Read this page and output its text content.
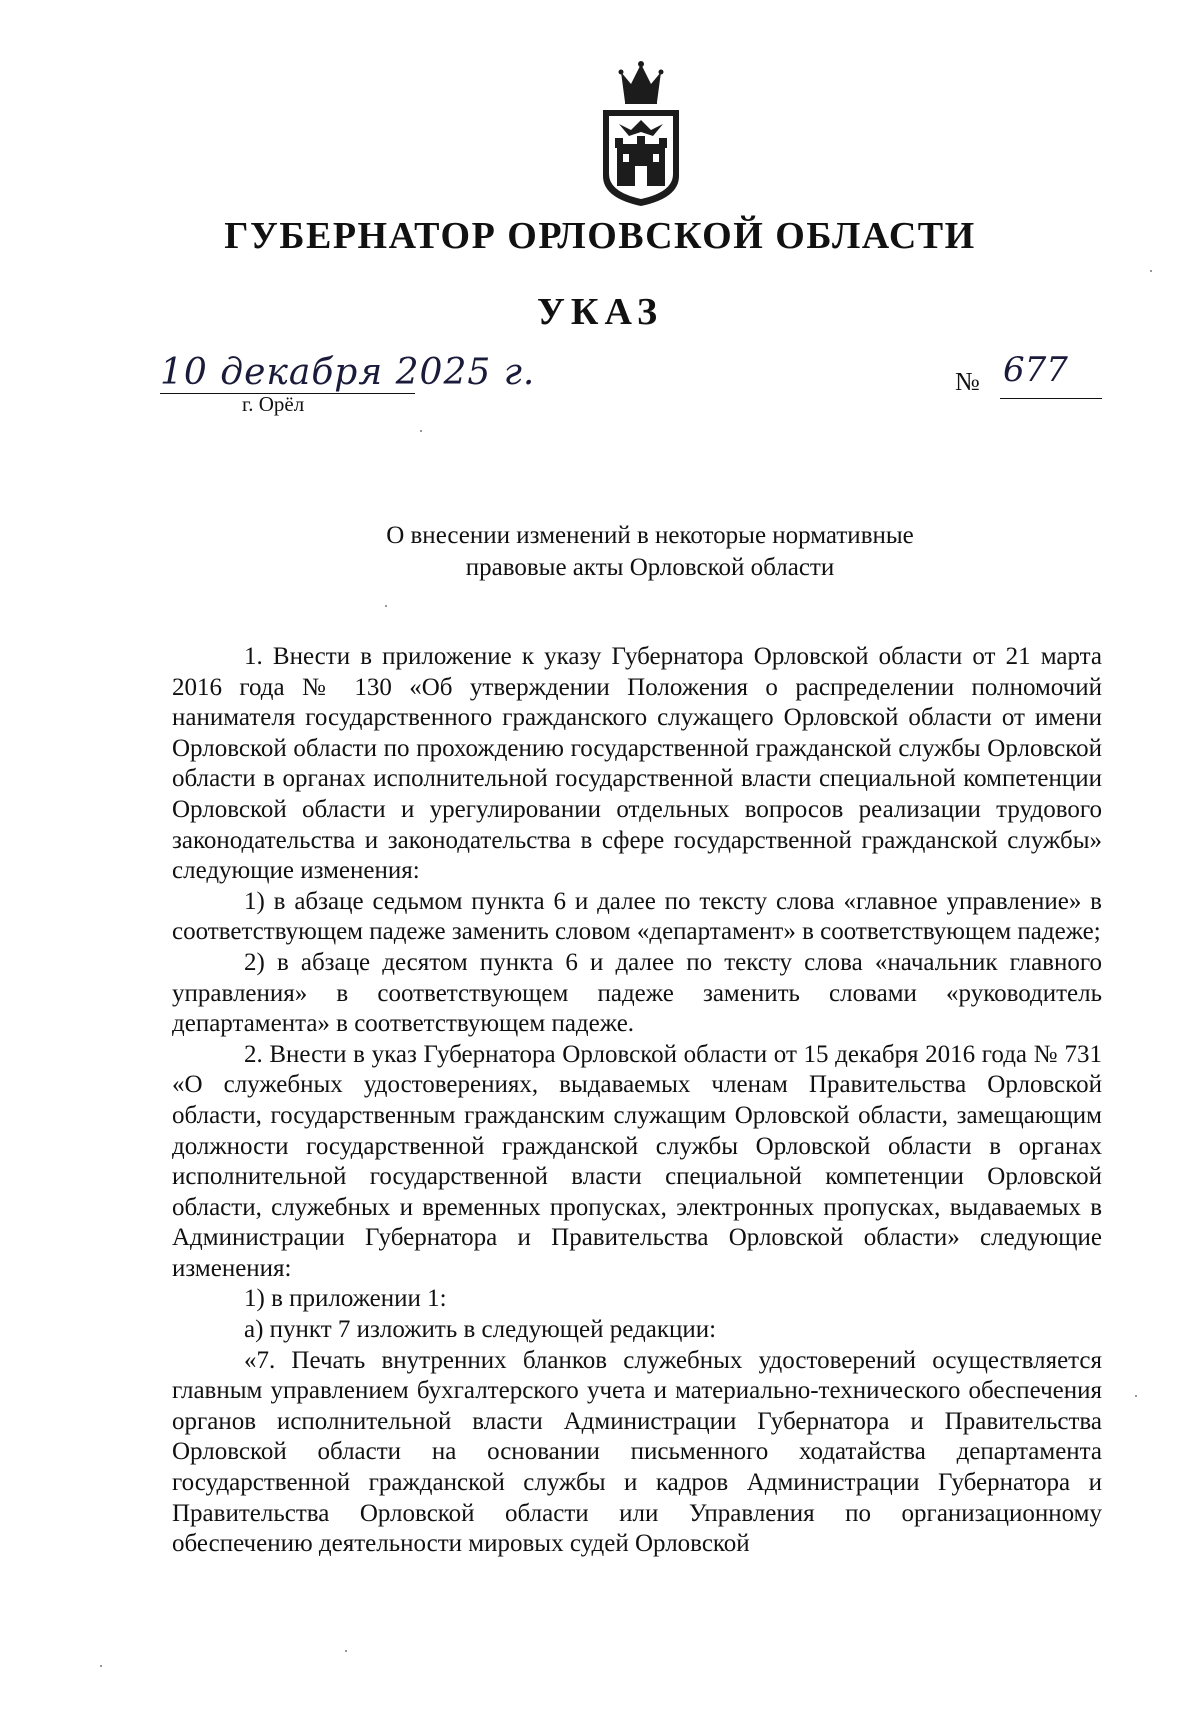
ГУБЕРНАТОР ОРЛОВСКОЙ ОБЛАСТИ
УКАЗ
10 декабря 2025 г.
г. Орёл
№ 677
О внесении изменений в некоторые нормативные
правовые акты Орловской области

1. Внести в приложение к указу Губернатора Орловской области от 21 марта 2016 года № 130 «Об утверждении Положения о распределении полномочий нанимателя государственного гражданского служащего Орловской области от имени Орловской области по прохождению государственной гражданской службы Орловской области в органах исполнительной государственной власти специальной компетенции Орловской области и урегулировании отдельных вопросов реализации трудового законодательства и законодательства в сфере государственной гражданской службы» следующие изменения:

1) в абзаце седьмом пункта 6 и далее по тексту слова «главное управление» в соответствующем падеже заменить словом «департамент» в соответствующем падеже;

2) в абзаце десятом пункта 6 и далее по тексту слова «начальник главного управления» в соответствующем падеже заменить словами «руководитель департамента» в соответствующем падеже.

2. Внести в указ Губернатора Орловской области от 15 декабря 2016 года № 731 «О служебных удостоверениях, выдаваемых членам Правительства Орловской области, государственным гражданским служащим Орловской области, замещающим должности государственной гражданской службы Орловской области в органах исполнительной государственной власти специальной компетенции Орловской области, служебных и временных пропусках, электронных пропусках, выдаваемых в Администрации Губернатора и Правительства Орловской области» следующие изменения:

1) в приложении 1:

а) пункт 7 изложить в следующей редакции:

«7. Печать внутренних бланков служебных удостоверений осуществляется главным управлением бухгалтерского учета и материально-технического обеспечения органов исполнительной власти Администрации Губернатора и Правительства Орловской области на основании письменного ходатайства департамента государственной гражданской службы и кадров Администрации Губернатора и Правительства Орловской области или Управления по организационному обеспечению деятельности мировых судей Орловской
